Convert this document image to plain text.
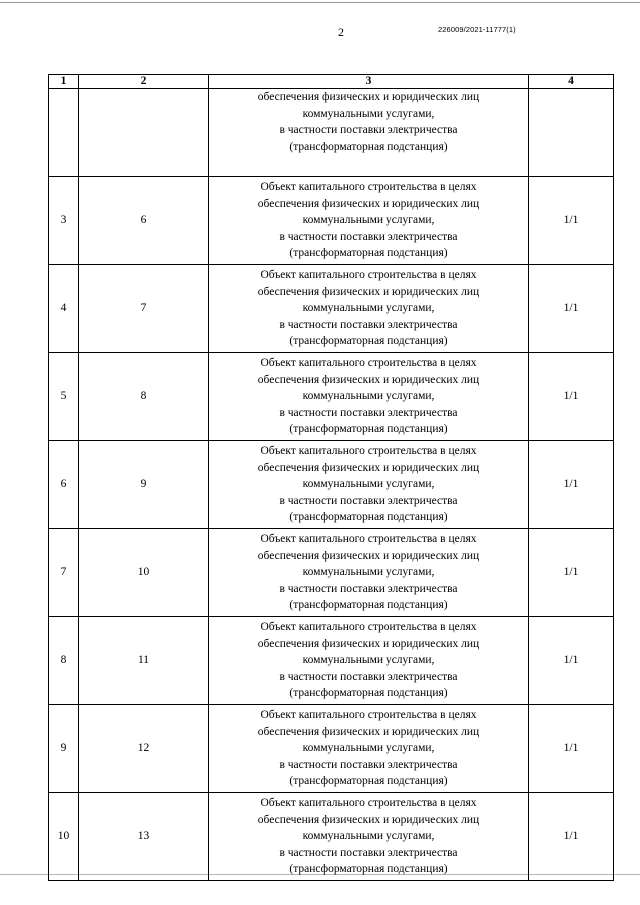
2	226009/2021-11777(1)
1	2	3	4

		обеспечения физических и юридических лиц
коммунальными услугами,
в частности поставки электричества
(трансформаторная подстанция)	

3	6	Объект капитального строительства в целях
обеспечения физических и юридических лиц
коммунальными услугами,
в частности поставки электричества
(трансформаторная подстанция)	1/1
4	7	Объект капитального строительства в целях
обеспечения физических и юридических лиц
коммунальными услугами,
в частности поставки электричества
(трансформаторная подстанция)	1/1
5	8	Объект капитального строительства в целях
обеспечения физических и юридических лиц
коммунальными услугами,
в частности поставки электричества
(трансформаторная подстанция)	1/1
6	9	Объект капитального строительства в целях
обеспечения физических и юридических лиц
коммунальными услугами,
в частности поставки электричества
(трансформаторная подстанция)	1/1
7	10	Объект капитального строительства в целях
обеспечения физических и юридических лиц
коммунальными услугами,
в частности поставки электричества
(трансформаторная подстанция)	1/1
8	11	Объект капитального строительства в целях
обеспечения физических и юридических лиц
коммунальными услугами,
в частности поставки электричества
(трансформаторная подстанция)	1/1
9	12	Объект капитального строительства в целях
обеспечения физических и юридических лиц
коммунальными услугами,
в частности поставки электричества
(трансформаторная подстанция)	1/1
10	13	Объект капитального строительства в целях
обеспечения физических и юридических лиц
коммунальными услугами,
в частности поставки электричества
(трансформаторная подстанция)	1/1
